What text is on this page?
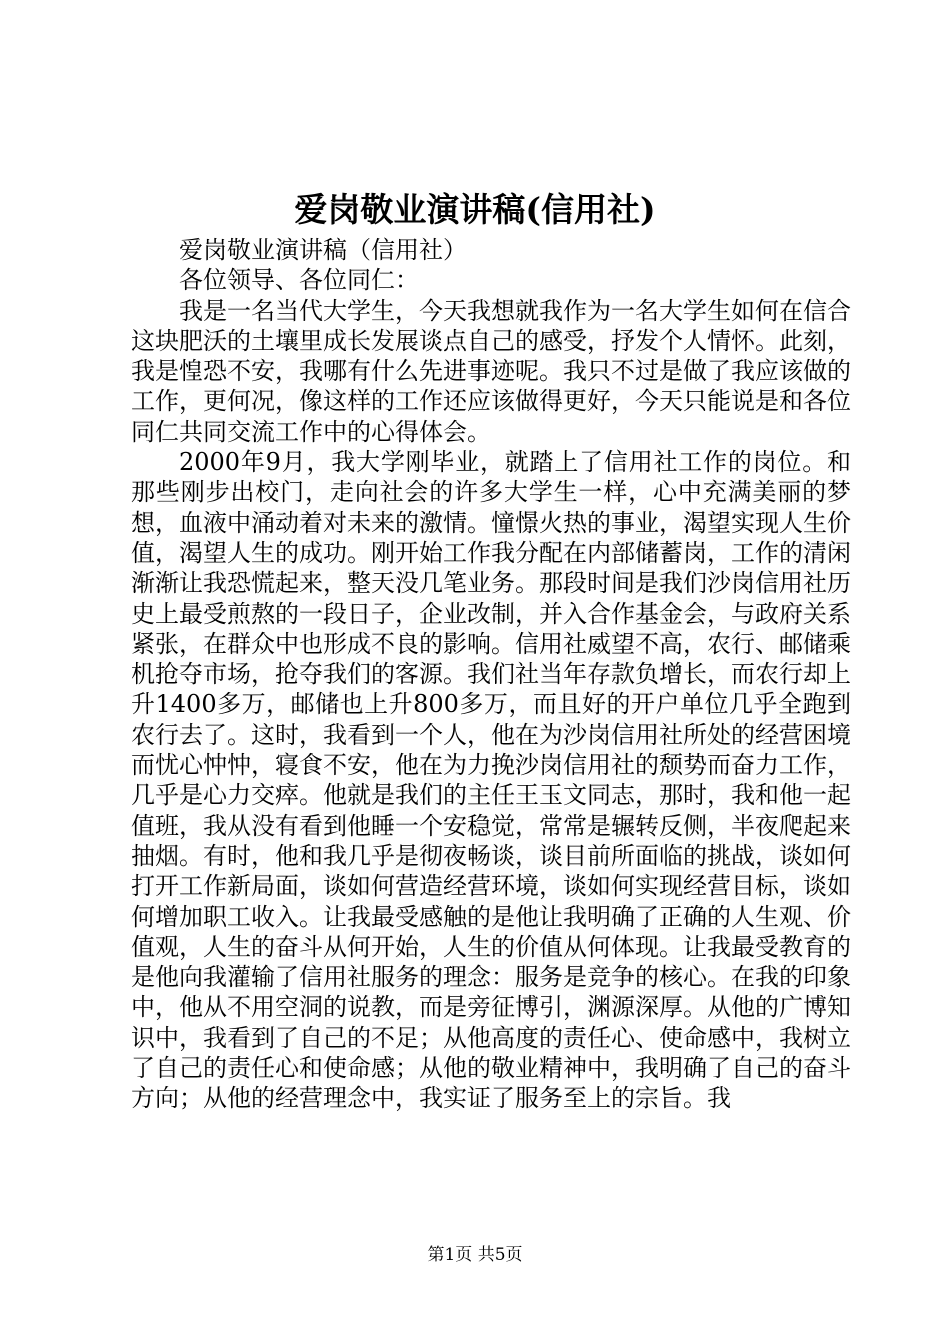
爱岗敬业演讲稿(信用社)

爱岗敬业演讲稿（信用社）

各位领导、各位同仁：

我是一名当代大学生，今天我想就我作为一名大学生如何在信合这块肥沃的土壤里成长发展谈点自己的感受，抒发个人情怀。此刻，我是惶恐不安，我哪有什么先进事迹呢。我只不过是做了我应该做的工作，更何况，像这样的工作还应该做得更好，今天只能说是和各位同仁共同交流工作中的心得体会。

2000年9月，我大学刚毕业，就踏上了信用社工作的岗位。和那些刚步出校门，走向社会的许多大学生一样，心中充满美丽的梦想，血液中涌动着对未来的激情。憧憬火热的事业，渴望实现人生价值，渴望人生的成功。刚开始工作我分配在内部储蓄岗，工作的清闲渐渐让我恐慌起来，整天没几笔业务。那段时间是我们沙岗信用社历史上最受煎熬的一段日子，企业改制，并入合作基金会，与政府关系紧张，在群众中也形成不良的影响。信用社威望不高，农行、邮储乘机抢夺市场，抢夺我们的客源。我们社当年存款负增长，而农行却上升1400多万，邮储也上升800多万，而且好的开户单位几乎全跑到农行去了。这时，我看到一个人，他在为沙岗信用社所处的经营困境而忧心忡忡，寝食不安，他在为力挽沙岗信用社的颓势而奋力工作，几乎是心力交瘁。他就是我们的主任王玉文同志，那时，我和他一起值班，我从没有看到他睡一个安稳觉，常常是辗转反侧，半夜爬起来抽烟。有时，他和我几乎是彻夜畅谈，谈目前所面临的挑战，谈如何打开工作新局面，谈如何营造经营环境，谈如何实现经营目标，谈如何增加职工收入。让我最受感触的是他让我明确了正确的人生观、价值观，人生的奋斗从何开始，人生的价值从何体现。让我最受教育的是他向我灌输了信用社服务的理念：服务是竞争的核心。在我的印象中，他从不用空洞的说教，而是旁征博引，渊源深厚。从他的广博知识中，我看到了自己的不足；从他高度的责任心、使命感中，我树立了自己的责任心和使命感；从他的敬业精神中，我明确了自己的奋斗方向；从他的经营理念中，我实证了服务至上的宗旨。我

第1页 共5页
